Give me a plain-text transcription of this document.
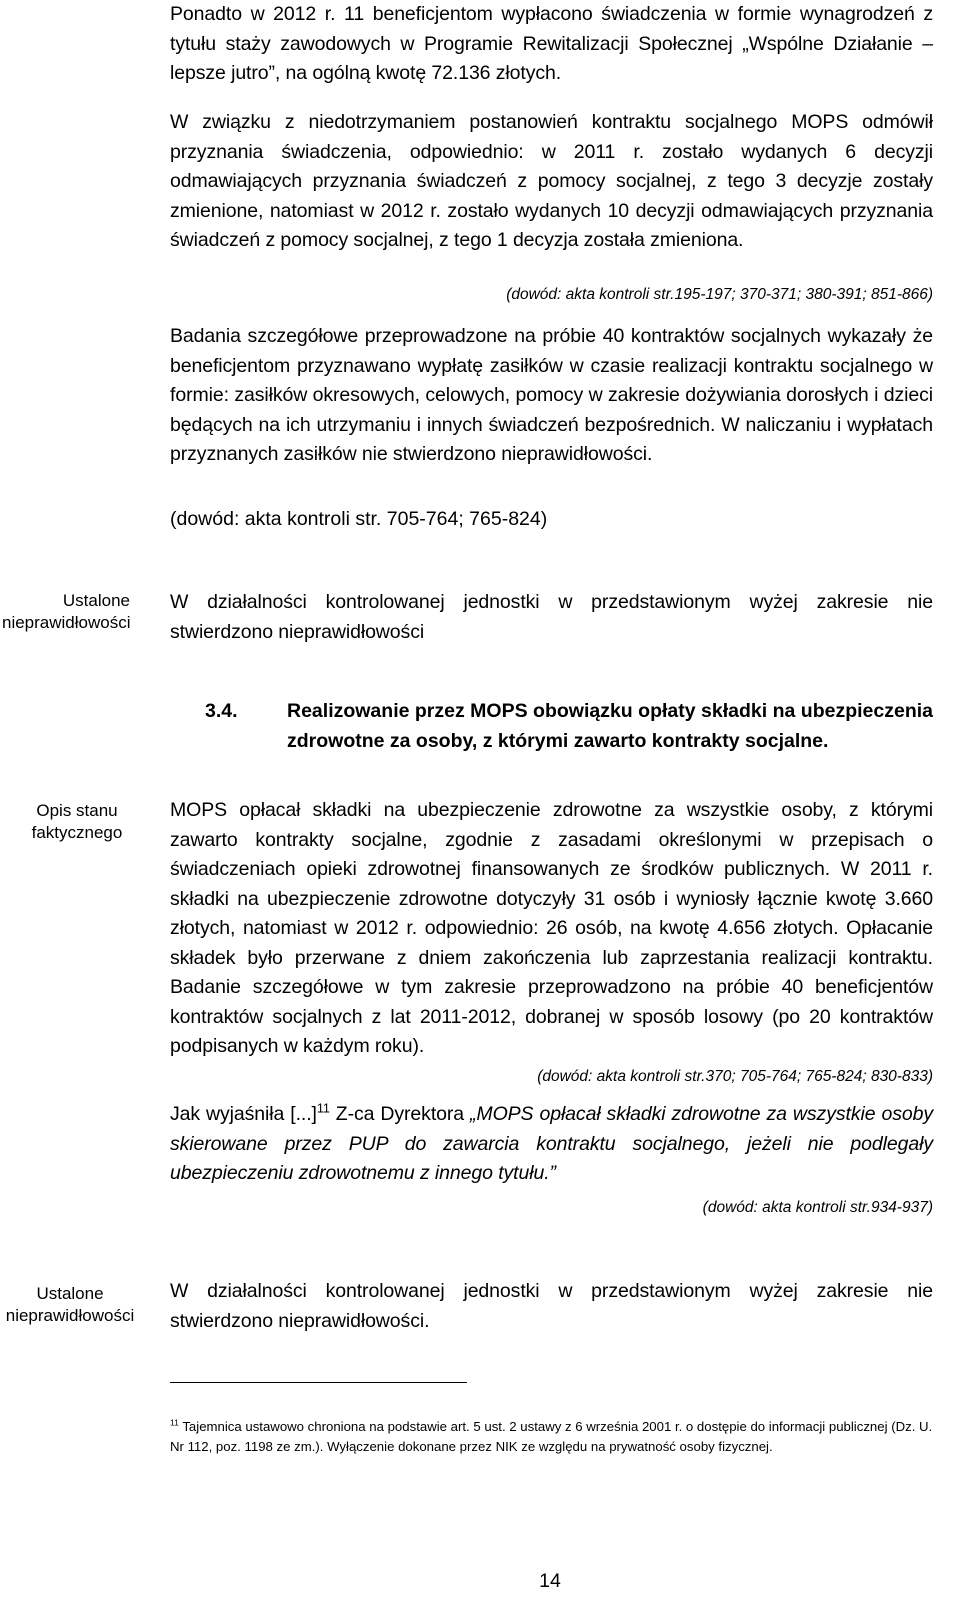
Ponadto w 2012 r. 11 beneficjentom wypłacono świadczenia w formie wynagrodzeń z tytułu staży zawodowych w Programie Rewitalizacji Społecznej „Wspólne Działanie – lepsze jutro”, na ogólną kwotę 72.136 złotych.

W związku z niedotrzymaniem postanowień kontraktu socjalnego MOPS odmówił przyznania świadczenia, odpowiednio: w 2011 r. zostało wydanych 6 decyzji odmawiających przyznania świadczeń z pomocy socjalnej, z tego 3 decyzje zostały zmienione, natomiast w 2012 r. zostało wydanych 10 decyzji odmawiających przyznania świadczeń z pomocy socjalnej, z tego 1 decyzja została zmieniona.

(dowód: akta kontroli str.195-197; 370-371; 380-391; 851-866)

Badania szczegółowe przeprowadzone na próbie 40 kontraktów socjalnych wykazały że beneficjentom przyznawano wypłatę zasiłków w czasie realizacji kontraktu socjalnego w formie: zasiłków okresowych, celowych, pomocy w zakresie dożywiania dorosłych i dzieci będących na ich utrzymaniu i innych świadczeń bezpośrednich. W naliczaniu i wypłatach przyznanych zasiłków nie stwierdzono nieprawidłowości.

(dowód: akta kontroli str. 705-764; 765-824)

Ustalone
nieprawidłowości

W działalności kontrolowanej jednostki w przedstawionym wyżej zakresie nie stwierdzono nieprawidłowości

3.4.	Realizowanie przez MOPS obowiązku opłaty składki na ubezpieczenia zdrowotne za osoby, z którymi zawarto kontrakty socjalne.

Opis stanu
faktycznego

MOPS opłacał składki na ubezpieczenie zdrowotne za wszystkie osoby, z którymi zawarto kontrakty socjalne, zgodnie z zasadami określonymi w przepisach o świadczeniach opieki zdrowotnej finansowanych ze środków publicznych. W 2011 r. składki na ubezpieczenie zdrowotne dotyczyły 31 osób i wyniosły łącznie kwotę 3.660 złotych, natomiast w 2012 r. odpowiednio: 26 osób, na kwotę 4.656 złotych. Opłacanie składek było przerwane z dniem zakończenia lub zaprzestania realizacji kontraktu. Badanie szczegółowe w tym zakresie przeprowadzono na próbie 40 beneficjentów kontraktów socjalnych z lat 2011-2012, dobranej w sposób losowy (po 20 kontraktów podpisanych w każdym roku).

(dowód: akta kontroli str.370; 705-764; 765-824; 830-833)

Jak wyjaśniła [...]$^{11}$ Z-ca Dyrektora „MOPS opłacał składki zdrowotne za wszystkie osoby skierowane przez PUP do zawarcia kontraktu socjalnego, jeżeli nie podlegały ubezpieczeniu zdrowotnemu z innego tytułu.”

(dowód: akta kontroli str.934-937)

Ustalone
nieprawidłowości

W działalności kontrolowanej jednostki w przedstawionym wyżej zakresie nie stwierdzono nieprawidłowości.

$^{11}$ Tajemnica ustawowo chroniona na podstawie art. 5 ust. 2 ustawy z 6 września 2001 r. o dostępie do informacji publicznej (Dz. U. Nr 112, poz. 1198 ze zm.). Wyłączenie dokonane przez NIK ze względu na prywatność osoby fizycznej.

14
